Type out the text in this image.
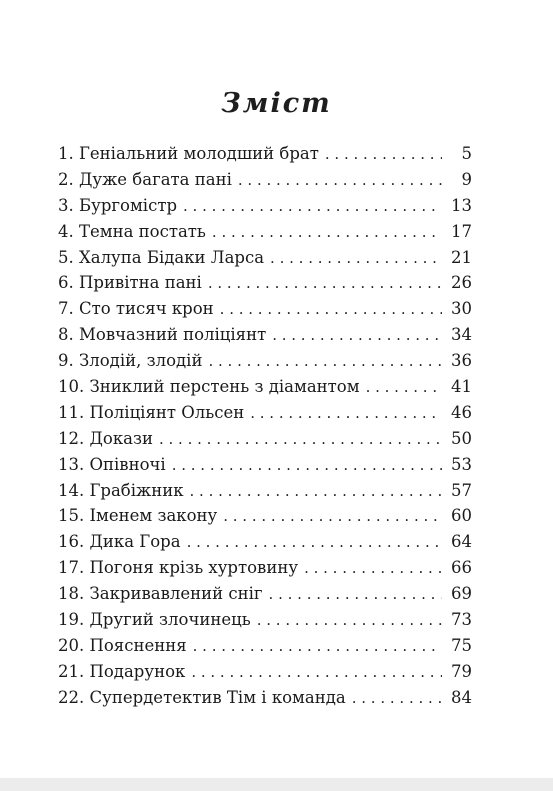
Зміст
1. Геніальний молодший брат . . .	5
2. Дуже багата пані . . .	9
3. Бургомістр . . .	13
4. Темна постать . . .	17
5. Халупа Бідаки Ларса . . .	21
6. Привітна пані . . .	26
7. Сто тисяч крон . . .	30
8. Мовчазний поліціянт . . .	34
9. Злодій, злодій . . .	36
10. Зниклий перстень з діамантом . . .	41
11. Поліціянт Ольсен . . .	46
12. Докази . . .	50
13. Опівночі . . .	53
14. Грабіжник . . .	57
15. Іменем закону . . .	60
16. Дика Гора . . .	64
17. Погоня крізь хуртовину . . .	66
18. Закривавлений сніг . . .	69
19. Другий злочинець . . .	73
20. Пояснення . . .	75
21. Подарунок . . .	79
22. Супердетектив Тім і команда . . .	84
